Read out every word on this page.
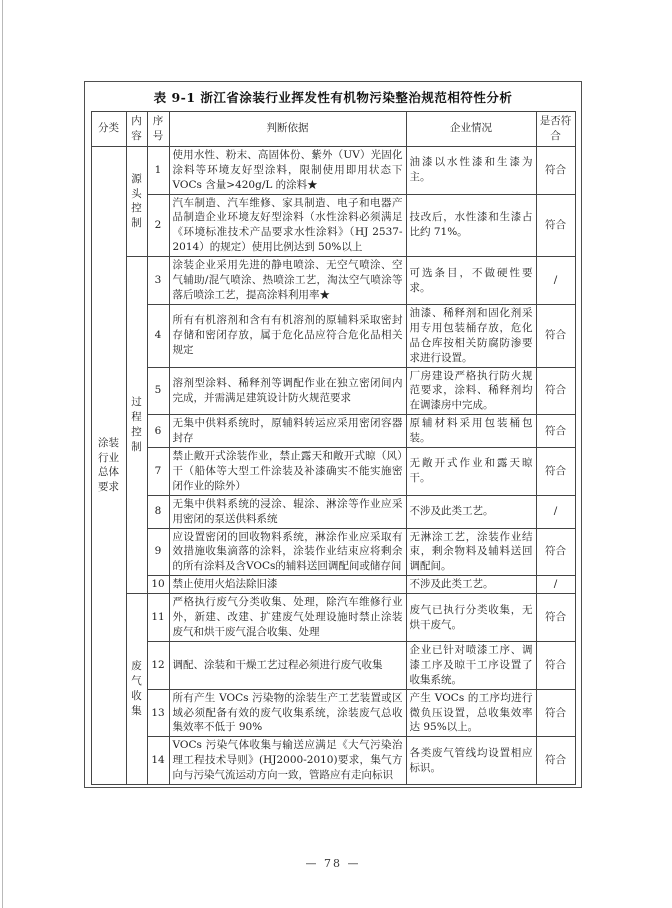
表 9-1 浙江省涂装行业挥发性有机物污染整治规范相符性分析
分类	内容	序号	判断依据	企业情况	是否符合
涂装行业总体要求	源头控制	1	使用水性、粉末、高固体份、紫外（UV）光固化涂料等环境友好型涂料，限制使用即用状态下 VOCs 含量>420g/L 的涂料★	油漆以水性漆和生漆为主。	符合
		2	汽车制造、汽车维修、家具制造、电子和电器产品制造企业环境友好型涂料（水性涂料必须满足《环境标准技术产品要求水性涂料》（HJ 2537-2014）的规定）使用比例达到 50%以上	技改后，水性漆和生漆占比约 71%。	符合
	过程控制	3	涂装企业采用先进的静电喷涂、无空气喷涂、空气辅助/混气喷涂、热喷涂工艺，淘汰空气喷涂等落后喷涂工艺，提高涂料利用率★	可选条目，不做硬性要求。	/
		4	所有有机溶剂和含有有机溶剂的原辅料采取密封存储和密闭存放，属于危化品应符合危化品相关规定	油漆、稀释剂和固化剂采用专用包装桶存放，危化品仓库按相关防腐防渗要求进行设置。	符合
		5	溶剂型涂料、稀释剂等调配作业在独立密闭间内完成，并需满足建筑设计防火规范要求	厂房建设严格执行防火规范要求，涂料、稀释剂均在调漆房中完成。	符合
		6	无集中供料系统时，原辅料转运应采用密闭容器封存	原辅材料采用包装桶包装。	符合
		7	禁止敞开式涂装作业，禁止露天和敞开式晾（风）干（船体等大型工件涂装及补漆确实不能实施密闭作业的除外）	无敞开式作业和露天晾干。	符合
		8	无集中供料系统的浸涂、辊涂、淋涂等作业应采用密闭的泵送供料系统	不涉及此类工艺。	/
		9	应设置密闭的回收物料系统，淋涂作业应采取有效措施收集滴落的涂料，涂装作业结束应将剩余的所有涂料及含VOCs的辅料送回调配间或储存间	无淋涂工艺，涂装作业结束，剩余物料及辅料送回调配间。	符合
		10	禁止使用火焰法除旧漆	不涉及此类工艺。	/
	废气收集	11	严格执行废气分类收集、处理，除汽车维修行业外，新建、改建、扩建废气处理设施时禁止涂装废气和烘干废气混合收集、处理	废气已执行分类收集，无烘干废气。	符合
		12	调配、涂装和干燥工艺过程必须进行废气收集	企业已针对喷漆工序、调漆工序及晾干工序设置了收集系统。	符合
		13	所有产生 VOCs 污染物的涂装生产工艺装置或区域必须配备有效的废气收集系统，涂装废气总收集效率不低于 90%	产生 VOCs 的工序均进行微负压设置，总收集效率达 95%以上。	符合
		14	VOCs 污染气体收集与输送应满足《大气污染治理工程技术导则》(HJ2000-2010)要求，集气方向与污染气流运动方向一致，管路应有走向标识	各类废气管线均设置相应标识。	符合
— 78 —
